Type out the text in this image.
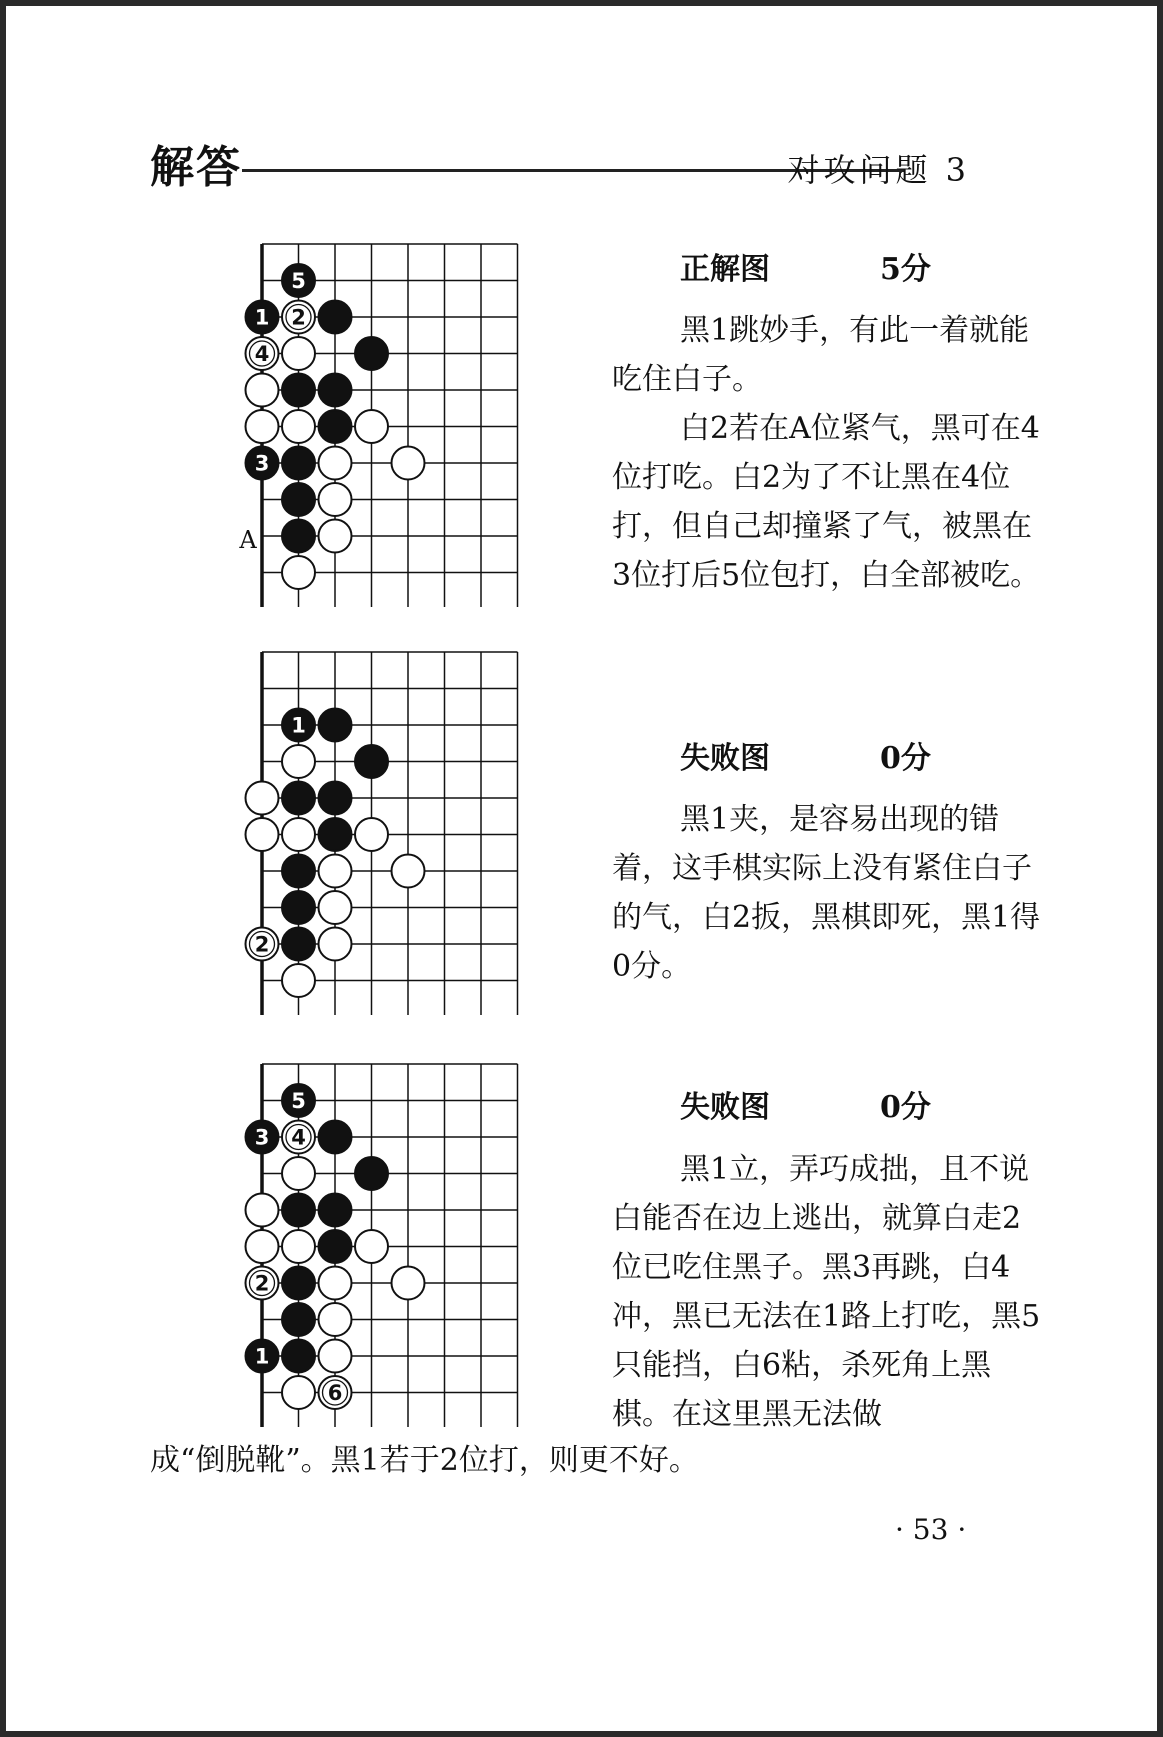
解答	对攻问题 3
5
1 2
4
3
A
1
2
5
3 4
2
1
6
正解图	5分

黑1跳妙手，有此一着就能吃住白子。

白2若在A位紧气，黑可在4位打吃。白2为了不让黑在4位打，但自己却撞紧了气，被黑在3位打后5位包打，白全部被吃。

失败图	0分

黑1夹，是容易出现的错着，这手棋实际上没有紧住白子的气，白2扳，黑棋即死，黑1得0分。

失败图	0分

黑1立，弄巧成拙，且不说白能否在边上逃出，就算白走2位已吃住黑子。黑3再跳，白4冲，黑已无法在1路上打吃，黑5只能挡，白6粘，杀死角上黑棋。在这里黑无法做

成“倒脱靴”。黑1若于2位打，则更不好。
· 53 ·
